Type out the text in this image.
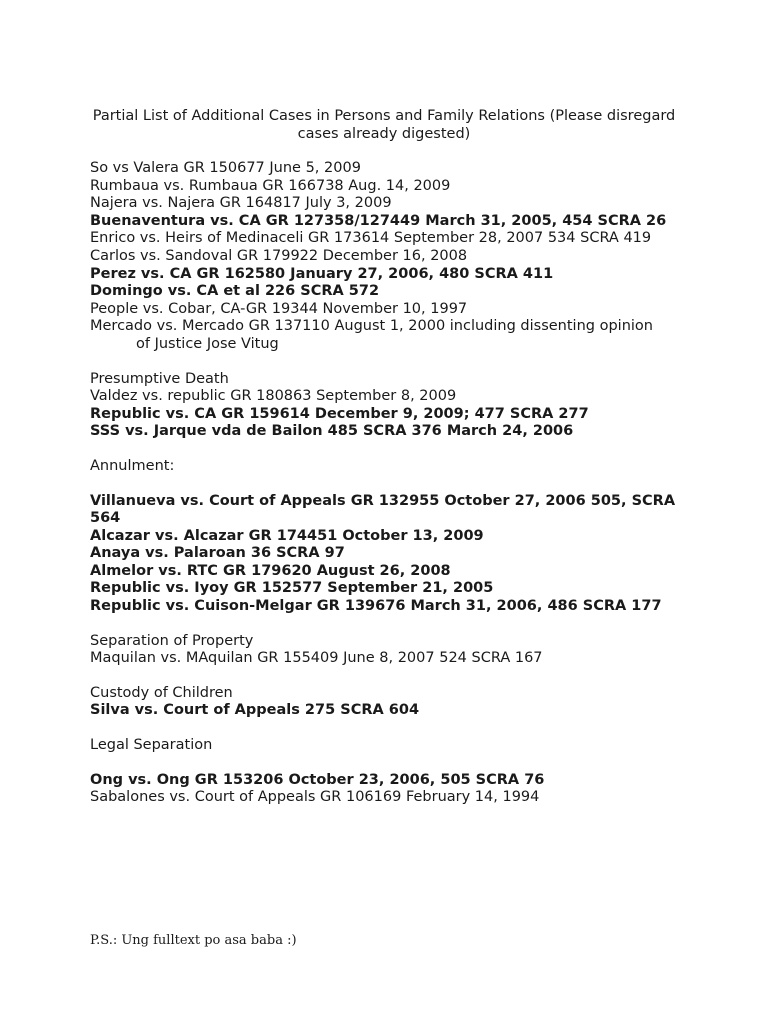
Partial List of Additional Cases in Persons and Family Relations (Please disregard cases already digested)
So vs Valera GR 150677 June 5, 2009
Rumbaua vs. Rumbaua GR 166738 Aug. 14, 2009
Najera vs. Najera GR 164817 July 3, 2009
Buenaventura vs. CA GR 127358/127449 March 31, 2005, 454 SCRA 26
Enrico vs. Heirs of Medinaceli GR 173614 September 28, 2007 534 SCRA 419
Carlos vs. Sandoval GR 179922 December 16, 2008
Perez vs. CA GR 162580 January 27, 2006, 480 SCRA 411
Domingo vs. CA et al 226 SCRA 572
People vs. Cobar, CA-GR 19344 November 10, 1997
Mercado vs. Mercado GR 137110 August 1, 2000 including dissenting opinion
of Justice Jose Vitug
Presumptive Death
Valdez vs. republic GR 180863 September 8, 2009
Republic vs. CA GR 159614 December 9, 2009; 477 SCRA 277
SSS vs. Jarque vda de Bailon 485 SCRA 376 March 24, 2006
Annulment:
Villanueva vs. Court of Appeals GR 132955 October 27, 2006 505, SCRA 564
Alcazar vs. Alcazar GR 174451 October 13, 2009
Anaya vs. Palaroan 36 SCRA 97
Almelor vs. RTC GR 179620 August 26, 2008
Republic vs. Iyoy GR 152577 September 21, 2005
Republic vs. Cuison-Melgar GR 139676 March 31, 2006, 486 SCRA 177
Separation of Property
Maquilan vs. MAquilan GR 155409 June 8, 2007 524 SCRA 167
Custody of Children
Silva vs. Court of Appeals 275 SCRA 604
Legal Separation
Ong vs. Ong GR 153206 October 23, 2006, 505 SCRA 76
Sabalones vs. Court of Appeals GR 106169 February 14, 1994
P.S.: Ung fulltext po asa baba :)
